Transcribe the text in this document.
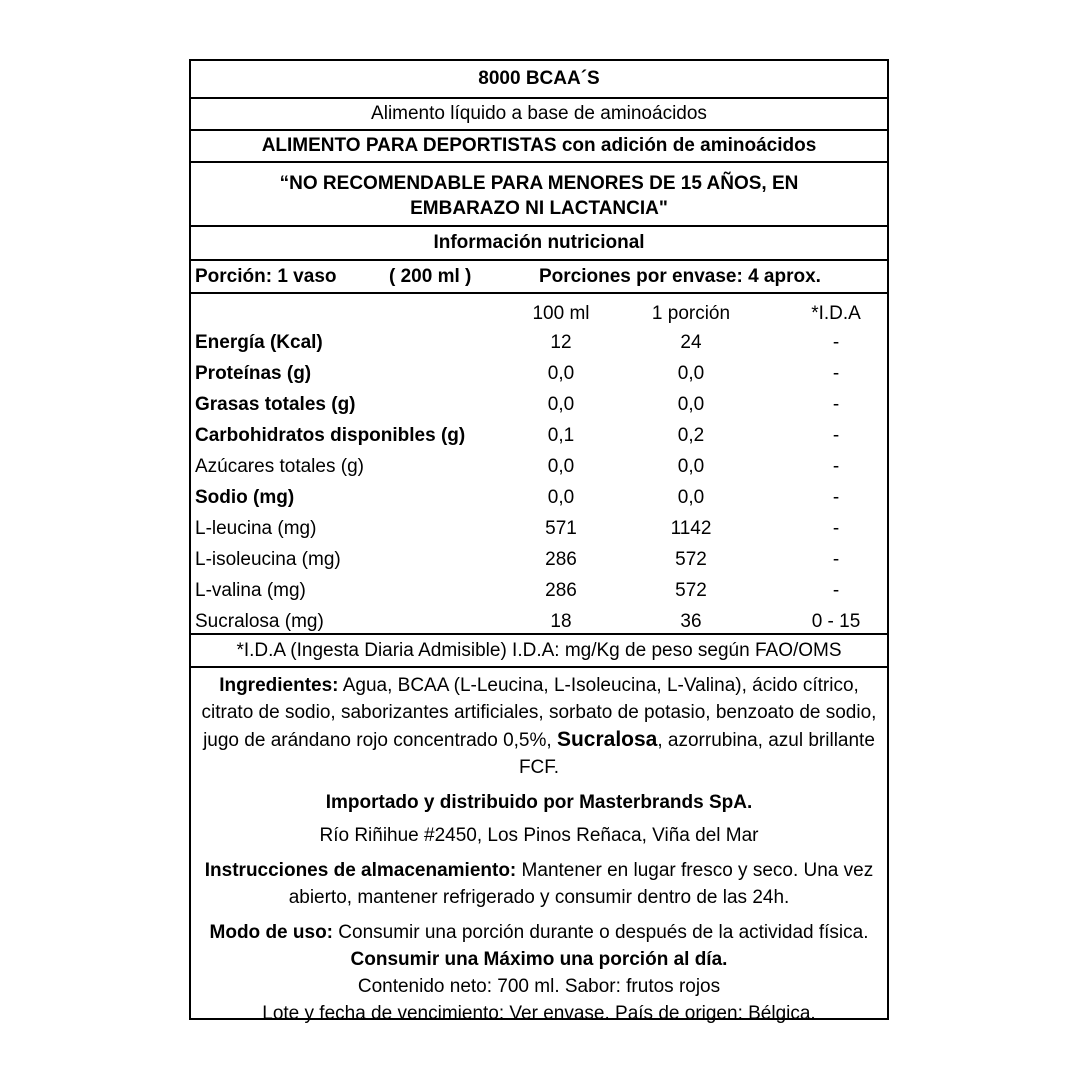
8000 BCAA´S
Alimento líquido a base de aminoácidos
ALIMENTO PARA DEPORTISTAS con adición de aminoácidos
“NO RECOMENDABLE PARA MENORES DE 15 AÑOS, EN
EMBARAZO NI LACTANCIA"
Información nutricional
Porción: 1 vaso	( 200 ml )	Porciones por envase: 4 aprox.
100 ml	1 porción	*I.D.A
Energía (Kcal)	12	24	-
Proteínas (g)	0,0	0,0	-
Grasas totales (g)	0,0	0,0	-
Carbohidratos disponibles (g)	0,1	0,2	-
Azúcares totales (g)	0,0	0,0	-
Sodio (mg)	0,0	0,0	-
L-leucina (mg)	571	1142	-
L-isoleucina (mg)	286	572	-
L-valina (mg)	286	572	-
Sucralosa (mg)	18	36	0 - 15
*I.D.A (Ingesta Diaria Admisible) I.D.A: mg/Kg de peso según FAO/OMS
Ingredientes: Agua, BCAA (L-Leucina, L-Isoleucina, L-Valina), ácido cítrico, citrato de sodio, saborizantes artificiales, sorbato de potasio, benzoato de sodio, jugo de arándano rojo concentrado 0,5%, Sucralosa, azorrubina, azul brillante FCF.
Importado y distribuido por Masterbrands SpA.
Río Riñihue #2450, Los Pinos Reñaca, Viña del Mar
Instrucciones de almacenamiento: Mantener en lugar fresco y seco. Una vez abierto, mantener refrigerado y consumir dentro de las 24h.
Modo de uso: Consumir una porción durante o después de la actividad física. Consumir una Máximo una porción al día.
Contenido neto: 700 ml. Sabor: frutos rojos
Lote y fecha de vencimiento: Ver envase. País de origen: Bélgica.
